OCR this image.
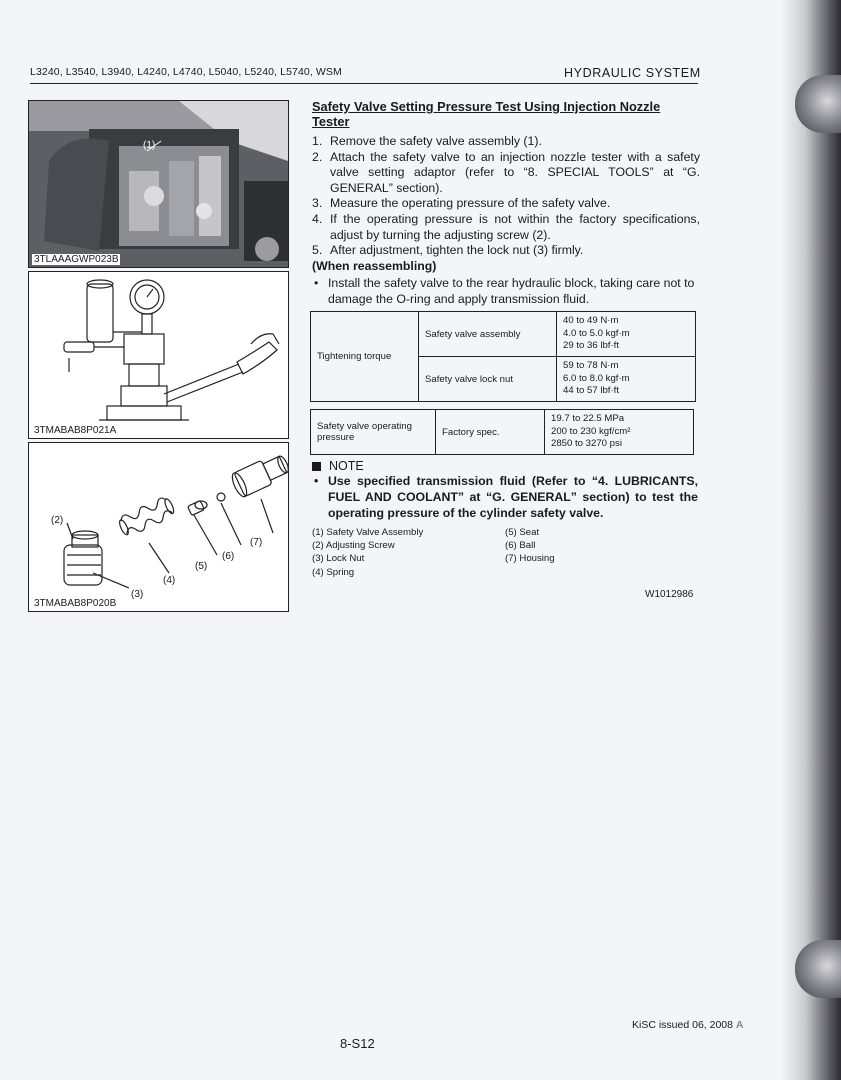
L3240, L3540, L3940, L4240, L4740, L5040, L5240, L5740, WSM	HYDRAULIC SYSTEM
(1)
3TLAAAGWP023B
3TMABAB8P021A
(2)
(3)
(4)
(5)
(6)
(7)
3TMABAB8P020B
Safety Valve Setting Pressure Test Using Injection Nozzle Tester
1. Remove the safety valve assembly (1).
2. Attach the safety valve to an injection nozzle tester with a safety valve setting adaptor (refer to “8. SPECIAL TOOLS” at “G. GENERAL” section).
3. Measure the operating pressure of the safety valve.
4. If the operating pressure is not within the factory specifications, adjust by turning the adjusting screw (2).
5. After adjustment, tighten the lock nut (3) firmly.
(When reassembling)
• Install the safety valve to the rear hydraulic block, taking care not to damage the O-ring and apply transmission fluid.
Tightening torque	Safety valve assembly	40 to 49 N·m
4.0 to 5.0 kgf·m
29 to 36 lbf·ft

	Safety valve lock nut	59 to 78 N·m
6.0 to 8.0 kgf·m
44 to 57 lbf·ft
Safety valve operating pressure	Factory spec.	
19.7 to 22.5 MPa
200 to 230 kgf/cm²
2850 to 3270 psi
NOTE
• Use specified transmission fluid (Refer to “4. LUBRICANTS, FUEL AND COOLANT” at “G. GENERAL” section) to test the operating pressure of the cylinder safety valve.
(1) Safety Valve Assembly
(2) Adjusting Screw
(3) Lock Nut
(4) Spring
(5) Seat
(6) Ball
(7) Housing
W1012986
KiSC issued 06, 2008 A
8-S12
